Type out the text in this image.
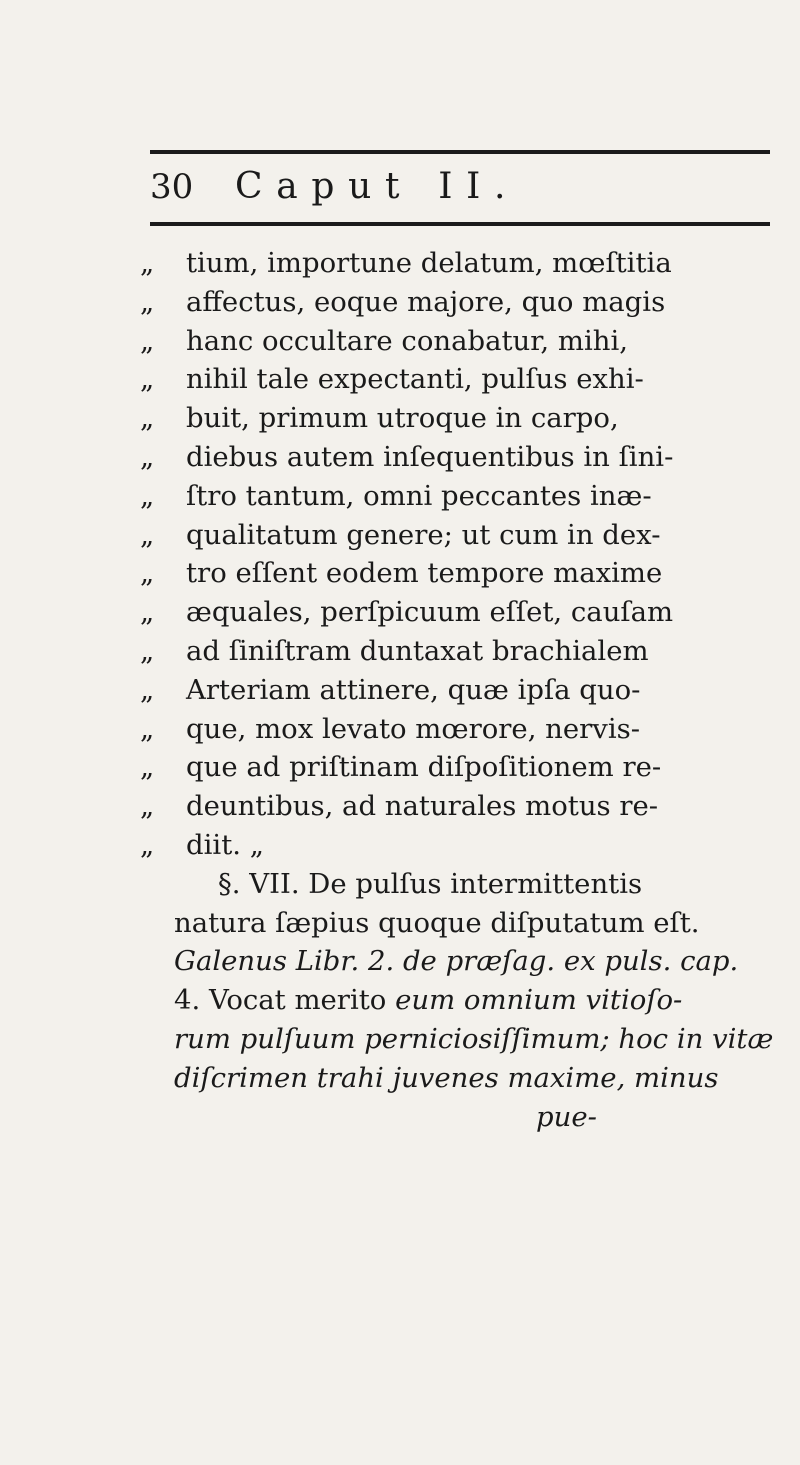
30 Caput II.
„	tium, importune delatum, mœſtitia
„	affectus, eoque majore, quo magis
„	hanc occultare conabatur, mihi,
„	nihil tale expectanti, pulſus exhi-
„	buit, primum utroque in carpo,
„	diebus autem inſequentibus in ſini-
„	ſtro tantum, omni peccantes inæ-
„	qualitatum genere; ut cum in dex-
„	tro eſſent eodem tempore maxime
„	æquales, perſpicuum eſſet, cauſam
„	ad ſiniſtram duntaxat brachialem
„	Arteriam attinere, quæ ipſa quo-
„	que, mox levato mœrore, nervis-
„	que ad priſtinam diſpoſitionem re-
„	deuntibus, ad naturales motus re-
„	diit. „
§. VII. De pulſus intermittentis
natura ſæpius quoque diſputatum eſt.
Galenus Libr. 2. de præſag. ex puls. cap.
4. Vocat merito eum omnium vitioſo-
rum pulſuum perniciosiſſimum; hoc in vitæ
diſcrimen trahi juvenes maxime, minus
pue-
